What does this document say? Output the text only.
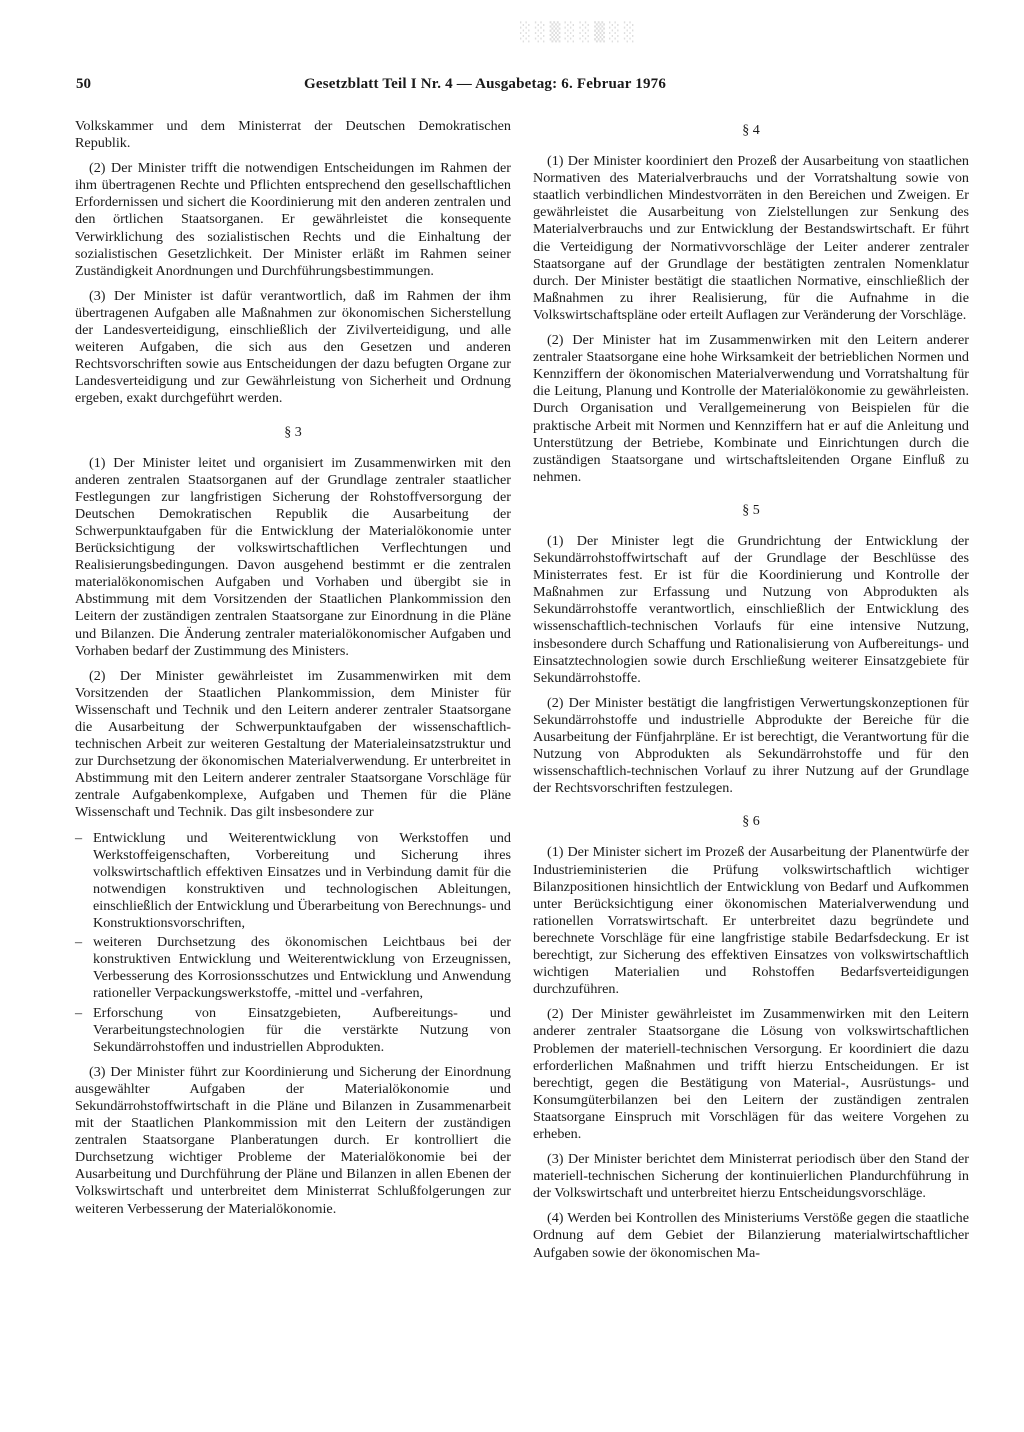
50	Gesetzblatt Teil I Nr. 4 — Ausgabetag: 6. Februar 1976
░░▒░░▒░░

Volkskammer und dem Ministerrat der Deutschen Demokratischen Republik.

(2) Der Minister trifft die notwendigen Entscheidungen im Rahmen der ihm übertragenen Rechte und Pflichten entsprechend den gesellschaftlichen Erfordernissen und sichert die Koordinierung mit den anderen zentralen und den örtlichen Staatsorganen. Er gewährleistet die konsequente Verwirklichung des sozialistischen Rechts und die Einhaltung der sozialistischen Gesetzlichkeit. Der Minister erläßt im Rahmen seiner Zuständigkeit Anordnungen und Durchführungsbestimmungen.

(3) Der Minister ist dafür verantwortlich, daß im Rahmen der ihm übertragenen Aufgaben alle Maßnahmen zur ökonomischen Sicherstellung der Landesverteidigung, einschließlich der Zivilverteidigung, und alle weiteren Aufgaben, die sich aus den Gesetzen und anderen Rechtsvorschriften sowie aus Entscheidungen der dazu befugten Organe zur Landesverteidigung und zur Gewährleistung von Sicherheit und Ordnung ergeben, exakt durchgeführt werden.

§ 3

(1) Der Minister leitet und organisiert im Zusammenwirken mit den anderen zentralen Staatsorganen auf der Grundlage zentraler staatlicher Festlegungen zur langfristigen Sicherung der Rohstoffversorgung der Deutschen Demokratischen Republik die Ausarbeitung der Schwerpunktaufgaben für die Entwicklung der Materialökonomie unter Berücksichtigung der volkswirtschaftlichen Verflechtungen und Realisierungsbedingungen. Davon ausgehend bestimmt er die zentralen materialökonomischen Aufgaben und Vorhaben und übergibt sie in Abstimmung mit dem Vorsitzenden der Staatlichen Plankommission den Leitern der zuständigen zentralen Staatsorgane zur Einordnung in die Pläne und Bilanzen. Die Änderung zentraler materialökonomischer Aufgaben und Vorhaben bedarf der Zustimmung des Ministers.

(2) Der Minister gewährleistet im Zusammenwirken mit dem Vorsitzenden der Staatlichen Plankommission, dem Minister für Wissenschaft und Technik und den Leitern anderer zentraler Staatsorgane die Ausarbeitung der Schwerpunktaufgaben der wissenschaftlich-technischen Arbeit zur weiteren Gestaltung der Materialeinsatzstruktur und zur Durchsetzung der ökonomischen Materialverwendung. Er unterbreitet in Abstimmung mit den Leitern anderer zentraler Staatsorgane Vorschläge für zentrale Aufgabenkomplexe, Aufgaben und Themen für die Pläne Wissenschaft und Technik. Das gilt insbesondere zur

– Entwicklung und Weiterentwicklung von Werkstoffen und Werkstoffeigenschaften, Vorbereitung und Sicherung ihres volkswirtschaftlich effektiven Einsatzes und in Verbindung damit für die notwendigen konstruktiven und technologischen Ableitungen, einschließlich der Entwicklung und Überarbeitung von Berechnungs- und Konstruktionsvorschriften,
– weiteren Durchsetzung des ökonomischen Leichtbaus bei der konstruktiven Entwicklung und Weiterentwicklung von Erzeugnissen, Verbesserung des Korrosionsschutzes und Entwicklung und Anwendung rationeller Verpackungswerkstoffe, -mittel und -verfahren,
– Erforschung von Einsatzgebieten, Aufbereitungs- und Verarbeitungstechnologien für die verstärkte Nutzung von Sekundärrohstoffen und industriellen Abprodukten.

(3) Der Minister führt zur Koordinierung und Sicherung der Einordnung ausgewählter Aufgaben der Materialökonomie und Sekundärrohstoffwirtschaft in die Pläne und Bilanzen in Zusammenarbeit mit der Staatlichen Plankommission mit den Leitern der zuständigen zentralen Staatsorgane Planberatungen durch. Er kontrolliert die Durchsetzung wichtiger Probleme der Materialökonomie bei der Ausarbeitung und Durchführung der Pläne und Bilanzen in allen Ebenen der Volkswirtschaft und unterbreitet dem Ministerrat Schlußfolgerungen zur weiteren Verbesserung der Materialökonomie.

§ 4

(1) Der Minister koordiniert den Prozeß der Ausarbeitung von staatlichen Normativen des Materialverbrauchs und der Vorratshaltung sowie von staatlich verbindlichen Mindestvorräten in den Bereichen und Zweigen. Er gewährleistet die Ausarbeitung von Zielstellungen zur Senkung des Materialverbrauchs und zur Entwicklung der Bestandswirtschaft. Er führt die Verteidigung der Normativvorschläge der Leiter anderer zentraler Staatsorgane auf der Grundlage der bestätigten zentralen Nomenklatur durch. Der Minister bestätigt die staatlichen Normative, einschließlich der Maßnahmen zu ihrer Realisierung, für die Aufnahme in die Volkswirtschaftspläne oder erteilt Auflagen zur Veränderung der Vorschläge.

(2) Der Minister hat im Zusammenwirken mit den Leitern anderer zentraler Staatsorgane eine hohe Wirksamkeit der betrieblichen Normen und Kennziffern der ökonomischen Materialverwendung und Vorratshaltung für die Leitung, Planung und Kontrolle der Materialökonomie zu gewährleisten. Durch Organisation und Verallgemeinerung von Beispielen für die praktische Arbeit mit Normen und Kennziffern hat er auf die Anleitung und Unterstützung der Betriebe, Kombinate und Einrichtungen durch die zuständigen Staatsorgane und wirtschaftsleitenden Organe Einfluß zu nehmen.

§ 5

(1) Der Minister legt die Grundrichtung der Entwicklung der Sekundärrohstoffwirtschaft auf der Grundlage der Beschlüsse des Ministerrates fest. Er ist für die Koordinierung und Kontrolle der Maßnahmen zur Erfassung und Nutzung von Abprodukten als Sekundärrohstoffe verantwortlich, einschließlich der Entwicklung des wissenschaftlich-technischen Vorlaufs für eine intensive Nutzung, insbesondere durch Schaffung und Rationalisierung von Aufbereitungs- und Einsatztechnologien sowie durch Erschließung weiterer Einsatzgebiete für Sekundärrohstoffe.

(2) Der Minister bestätigt die langfristigen Verwertungskonzeptionen für Sekundärrohstoffe und industrielle Abprodukte der Bereiche für die Ausarbeitung der Fünfjahrpläne. Er ist berechtigt, die Verantwortung für die Nutzung von Abprodukten als Sekundärrohstoffe und für den wissenschaftlich-technischen Vorlauf zu ihrer Nutzung auf der Grundlage der Rechtsvorschriften festzulegen.

§ 6

(1) Der Minister sichert im Prozeß der Ausarbeitung der Planentwürfe der Industrieministerien die Prüfung volkswirtschaftlich wichtiger Bilanzpositionen hinsichtlich der Entwicklung von Bedarf und Aufkommen unter Berücksichtigung einer ökonomischen Materialverwendung und rationellen Vorratswirtschaft. Er unterbreitet dazu begründete und berechnete Vorschläge für eine langfristige stabile Bedarfsdeckung. Er ist berechtigt, zur Sicherung des effektiven Einsatzes von volkswirtschaftlich wichtigen Materialien und Rohstoffen Bedarfsverteidigungen durchzuführen.

(2) Der Minister gewährleistet im Zusammenwirken mit den Leitern anderer zentraler Staatsorgane die Lösung von volkswirtschaftlichen Problemen der materiell-technischen Versorgung. Er koordiniert die dazu erforderlichen Maßnahmen und trifft hierzu Entscheidungen. Er ist berechtigt, gegen die Bestätigung von Material-, Ausrüstungs- und Konsumgüterbilanzen bei den Leitern der zuständigen zentralen Staatsorgane Einspruch mit Vorschlägen für das weitere Vorgehen zu erheben.

(3) Der Minister berichtet dem Ministerrat periodisch über den Stand der materiell-technischen Sicherung der kontinuierlichen Plandurchführung in der Volkswirtschaft und unterbreitet hierzu Entscheidungsvorschläge.

(4) Werden bei Kontrollen des Ministeriums Verstöße gegen die staatliche Ordnung auf dem Gebiet der Bilanzierung materialwirtschaftlicher Aufgaben sowie der ökonomischen Ma-
